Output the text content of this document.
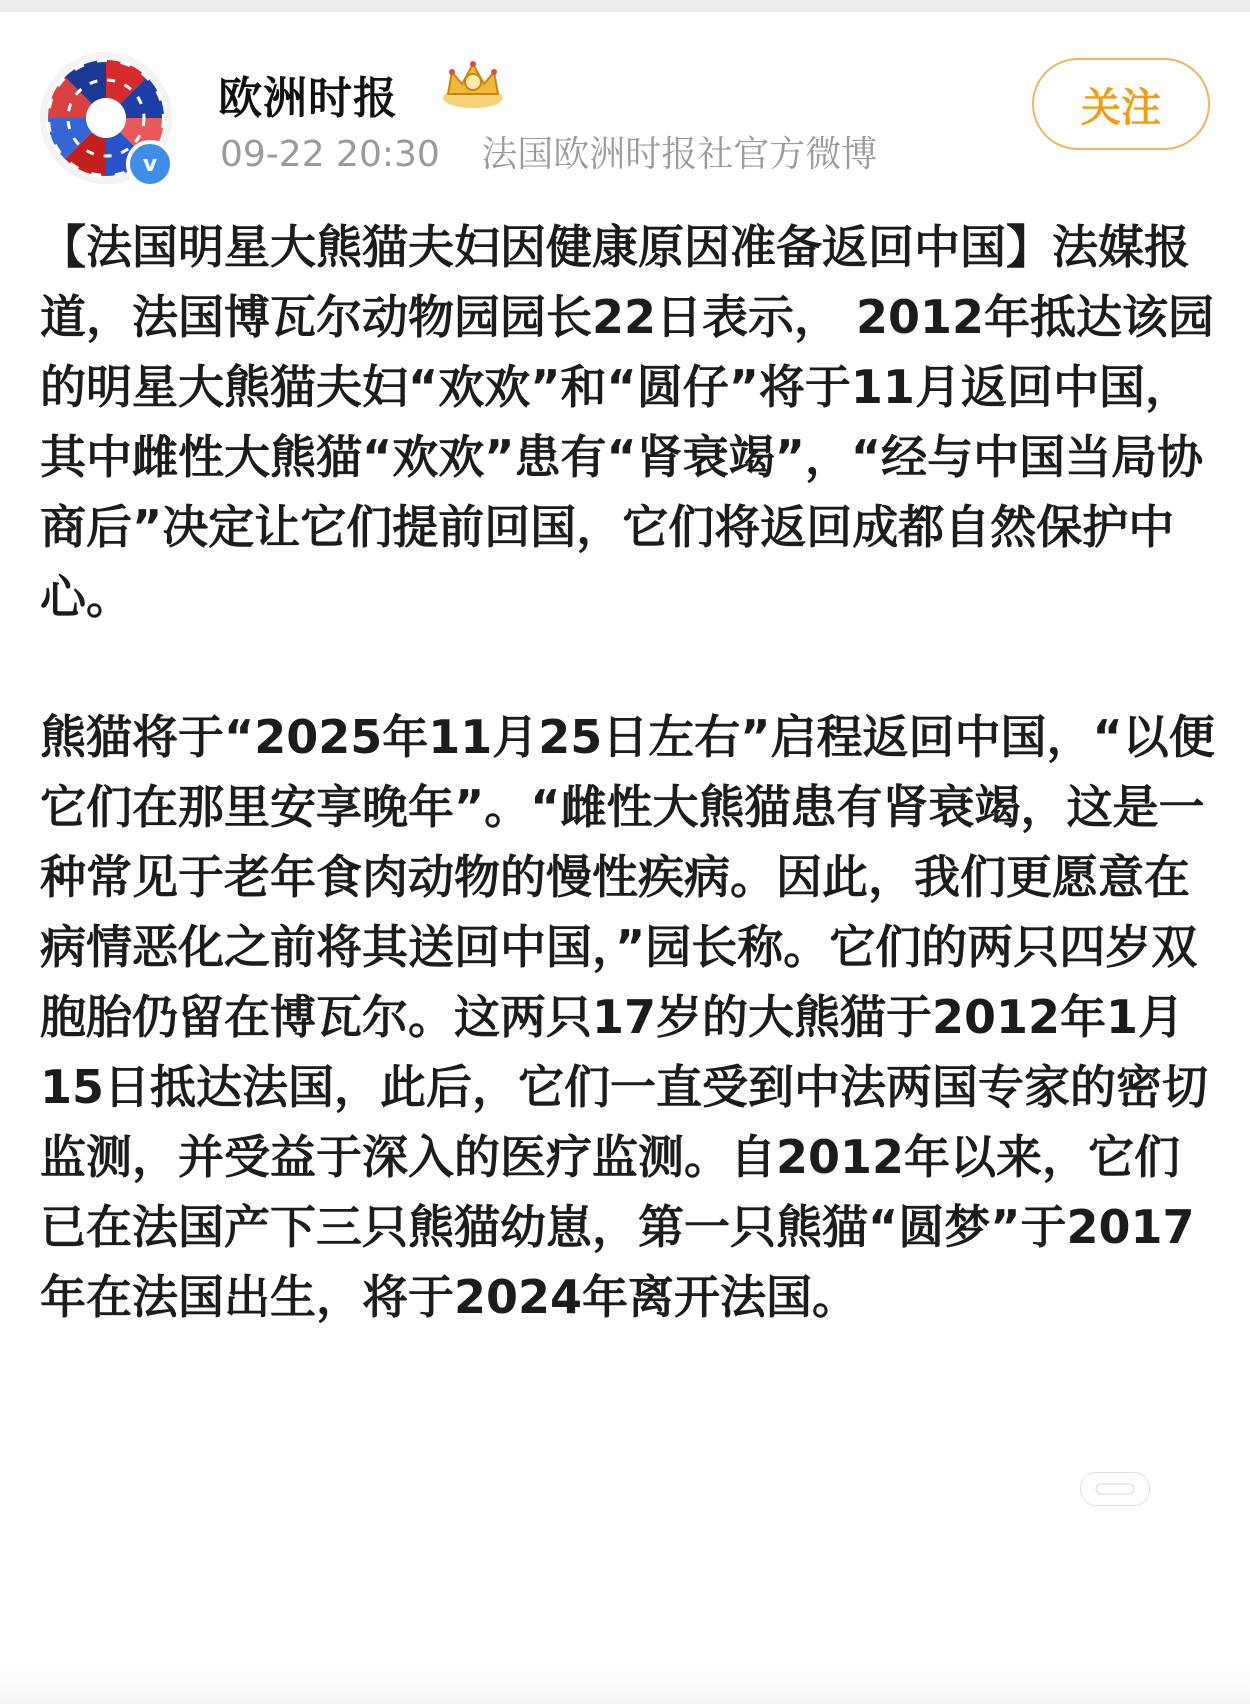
v
欧洲时报
09-22 20:30 法国欧洲时报社官方微博
关注

【法国明星大熊猫夫妇因健康原因准备返回中国】法媒报道，法国博瓦尔动物园园长22日表示， 2012年抵达该园的明星大熊猫夫妇“欢欢”和“圆仔”将于11月返回中国，其中雌性大熊猫“欢欢”患有“肾衰竭”，“经与中国当局协商后”决定让它们提前回国，它们将返回成都自然保护中心。

熊猫将于“2025年11月25日左右”启程返回中国，“以便它们在那里安享晚年”。“雌性大熊猫患有肾衰竭，这是一种常见于老年食肉动物的慢性疾病。因此，我们更愿意在病情恶化之前将其送回中国，”园长称。它们的两只四岁双胞胎仍留在博瓦尔。这两只17岁的大熊猫于2012年1月15日抵达法国，此后，它们一直受到中法两国专家的密切监测，并受益于深入的医疗监测。自2012年以来，它们已在法国产下三只熊猫幼崽，第一只熊猫“圆梦”于2017年在法国出生，将于2024年离开法国。
